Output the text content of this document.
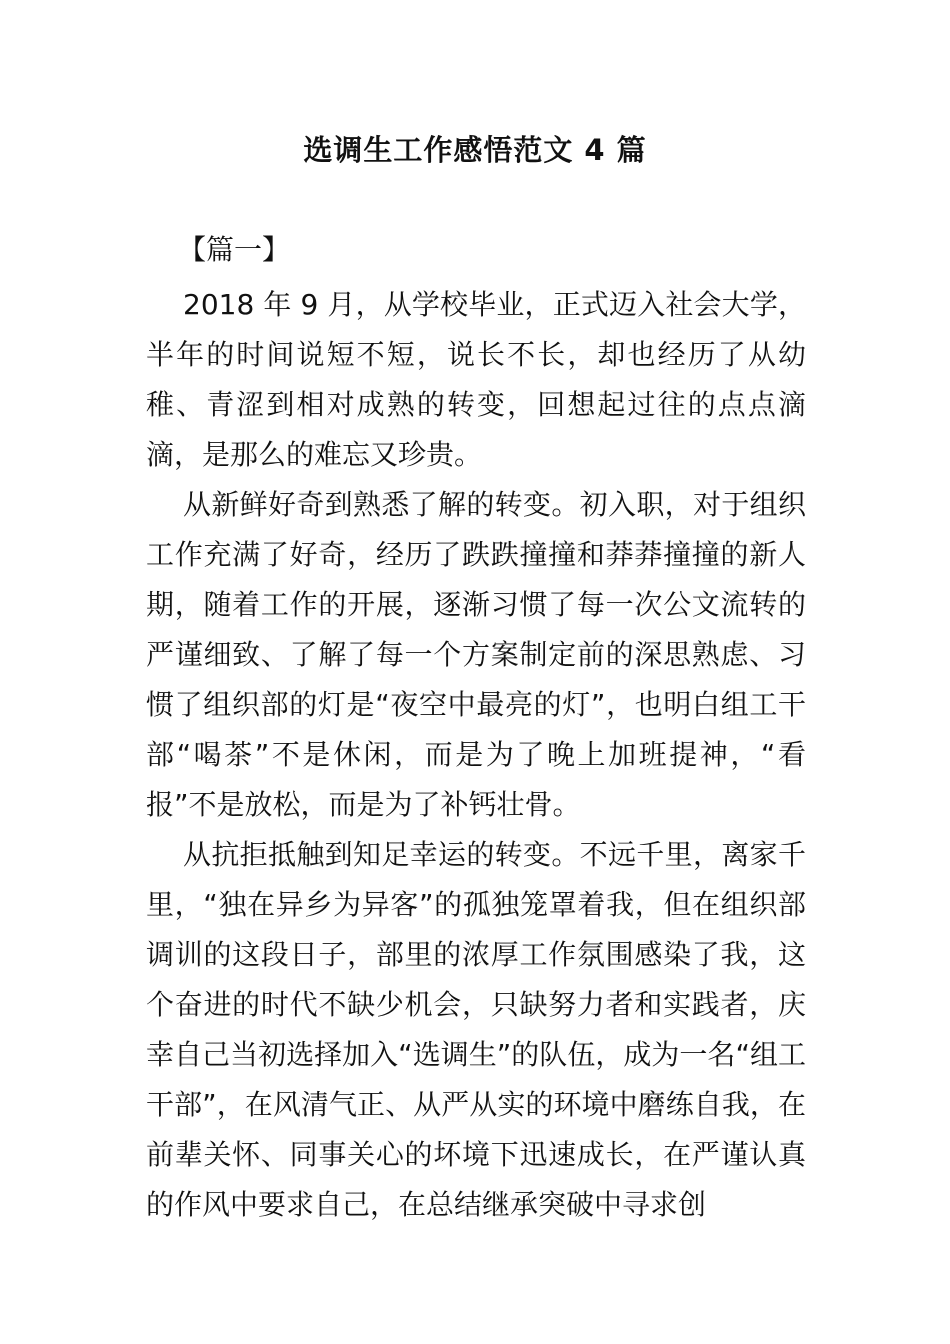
选调生工作感悟范文 4 篇
【篇一】

2018 年 9 月，从学校毕业，正式迈入社会大学，半年的时间说短不短，说长不长，却也经历了从幼稚、青涩到相对成熟的转变，回想起过往的点点滴滴，是那么的难忘又珍贵。

从新鲜好奇到熟悉了解的转变。初入职，对于组织工作充满了好奇，经历了跌跌撞撞和莽莽撞撞的新人期，随着工作的开展，逐渐习惯了每一次公文流转的严谨细致、了解了每一个方案制定前的深思熟虑、习惯了组织部的灯是“夜空中最亮的灯”，也明白组工干部“喝茶”不是休闲，而是为了晚上加班提神，“看报”不是放松，而是为了补钙壮骨。

从抗拒抵触到知足幸运的转变。不远千里，离家千里，“独在异乡为异客”的孤独笼罩着我，但在组织部调训的这段日子，部里的浓厚工作氛围感染了我，这个奋进的时代不缺少机会，只缺努力者和实践者，庆幸自己当初选择加入“选调生”的队伍，成为一名“组工干部”，在风清气正、从严从实的环境中磨练自我，在前辈关怀、同事关心的坏境下迅速成长，在严谨认真的作风中要求自己，在总结继承突破中寻求创
